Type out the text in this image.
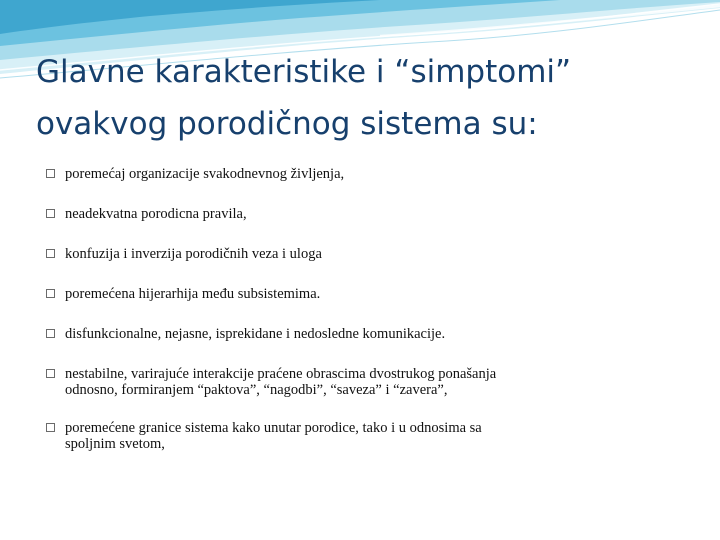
Glavne karakteristike i “simptomi”
ovakvog porodičnog sistema su:
poremećaj organizacije svakodnevnog življenja,
neadekvatna porodicna pravila,
konfuzija i inverzija porodičnih veza i uloga
poremećena hijerarhija među subsistemima.
disfunkcionalne, nejasne, isprekidane i nedosledne komunikacije.
nestabilne, varirajuće interakcije praćene obrascima dvostrukog ponašanja
odnosno, formiranjem “paktova”, “nagodbi”, “saveza” i “zavera”,
poremećene granice sistema kako unutar porodice, tako i u odnosima sa
spoljnim svetom,
